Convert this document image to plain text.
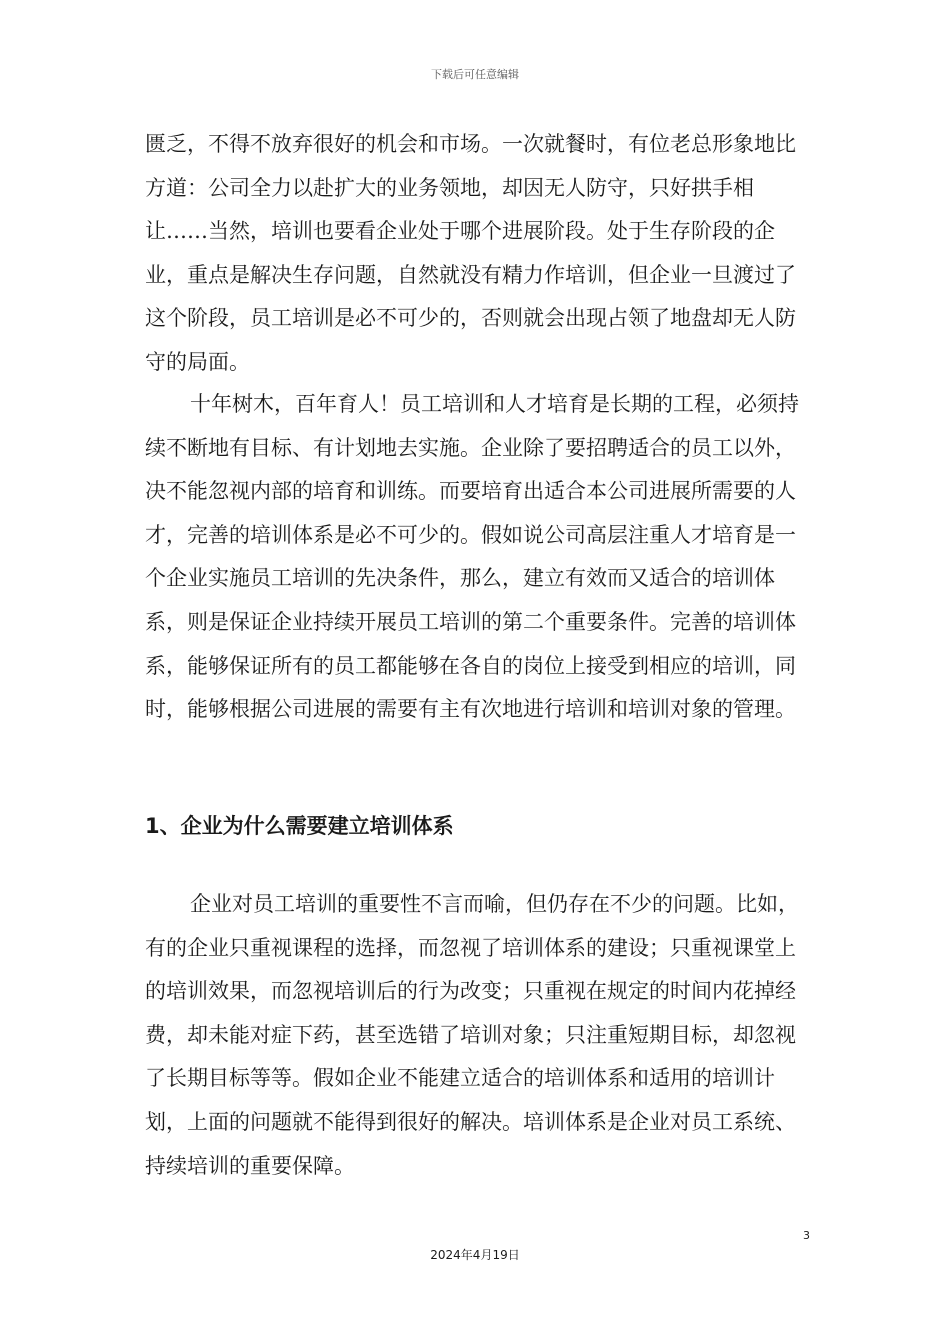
下载后可任意编辑

匮乏，不得不放弃很好的机会和市场。一次就餐时，有位老总形象地比方道：公司全力以赴扩大的业务领地，却因无人防守，只好拱手相让……当然，培训也要看企业处于哪个进展阶段。处于生存阶段的企业，重点是解决生存问题，自然就没有精力作培训，但企业一旦渡过了这个阶段，员工培训是必不可少的，否则就会出现占领了地盘却无人防守的局面。

十年树木，百年育人！员工培训和人才培育是长期的工程，必须持续不断地有目标、有计划地去实施。企业除了要招聘适合的员工以外，决不能忽视内部的培育和训练。而要培育出适合本公司进展所需要的人才，完善的培训体系是必不可少的。假如说公司高层注重人才培育是一个企业实施员工培训的先决条件，那么，建立有效而又适合的培训体系，则是保证企业持续开展员工培训的第二个重要条件。完善的培训体系，能够保证所有的员工都能够在各自的岗位上接受到相应的培训，同时，能够根据公司进展的需要有主有次地进行培训和培训对象的管理。

1、企业为什么需要建立培训体系

企业对员工培训的重要性不言而喻，但仍存在不少的问题。比如，有的企业只重视课程的选择，而忽视了培训体系的建设；只重视课堂上的培训效果，而忽视培训后的行为改变；只重视在规定的时间内花掉经费，却未能对症下药，甚至选错了培训对象；只注重短期目标，却忽视了长期目标等等。假如企业不能建立适合的培训体系和适用的培训计划，上面的问题就不能得到很好的解决。培训体系是企业对员工系统、持续培训的重要保障。

3
2024年4月19日
